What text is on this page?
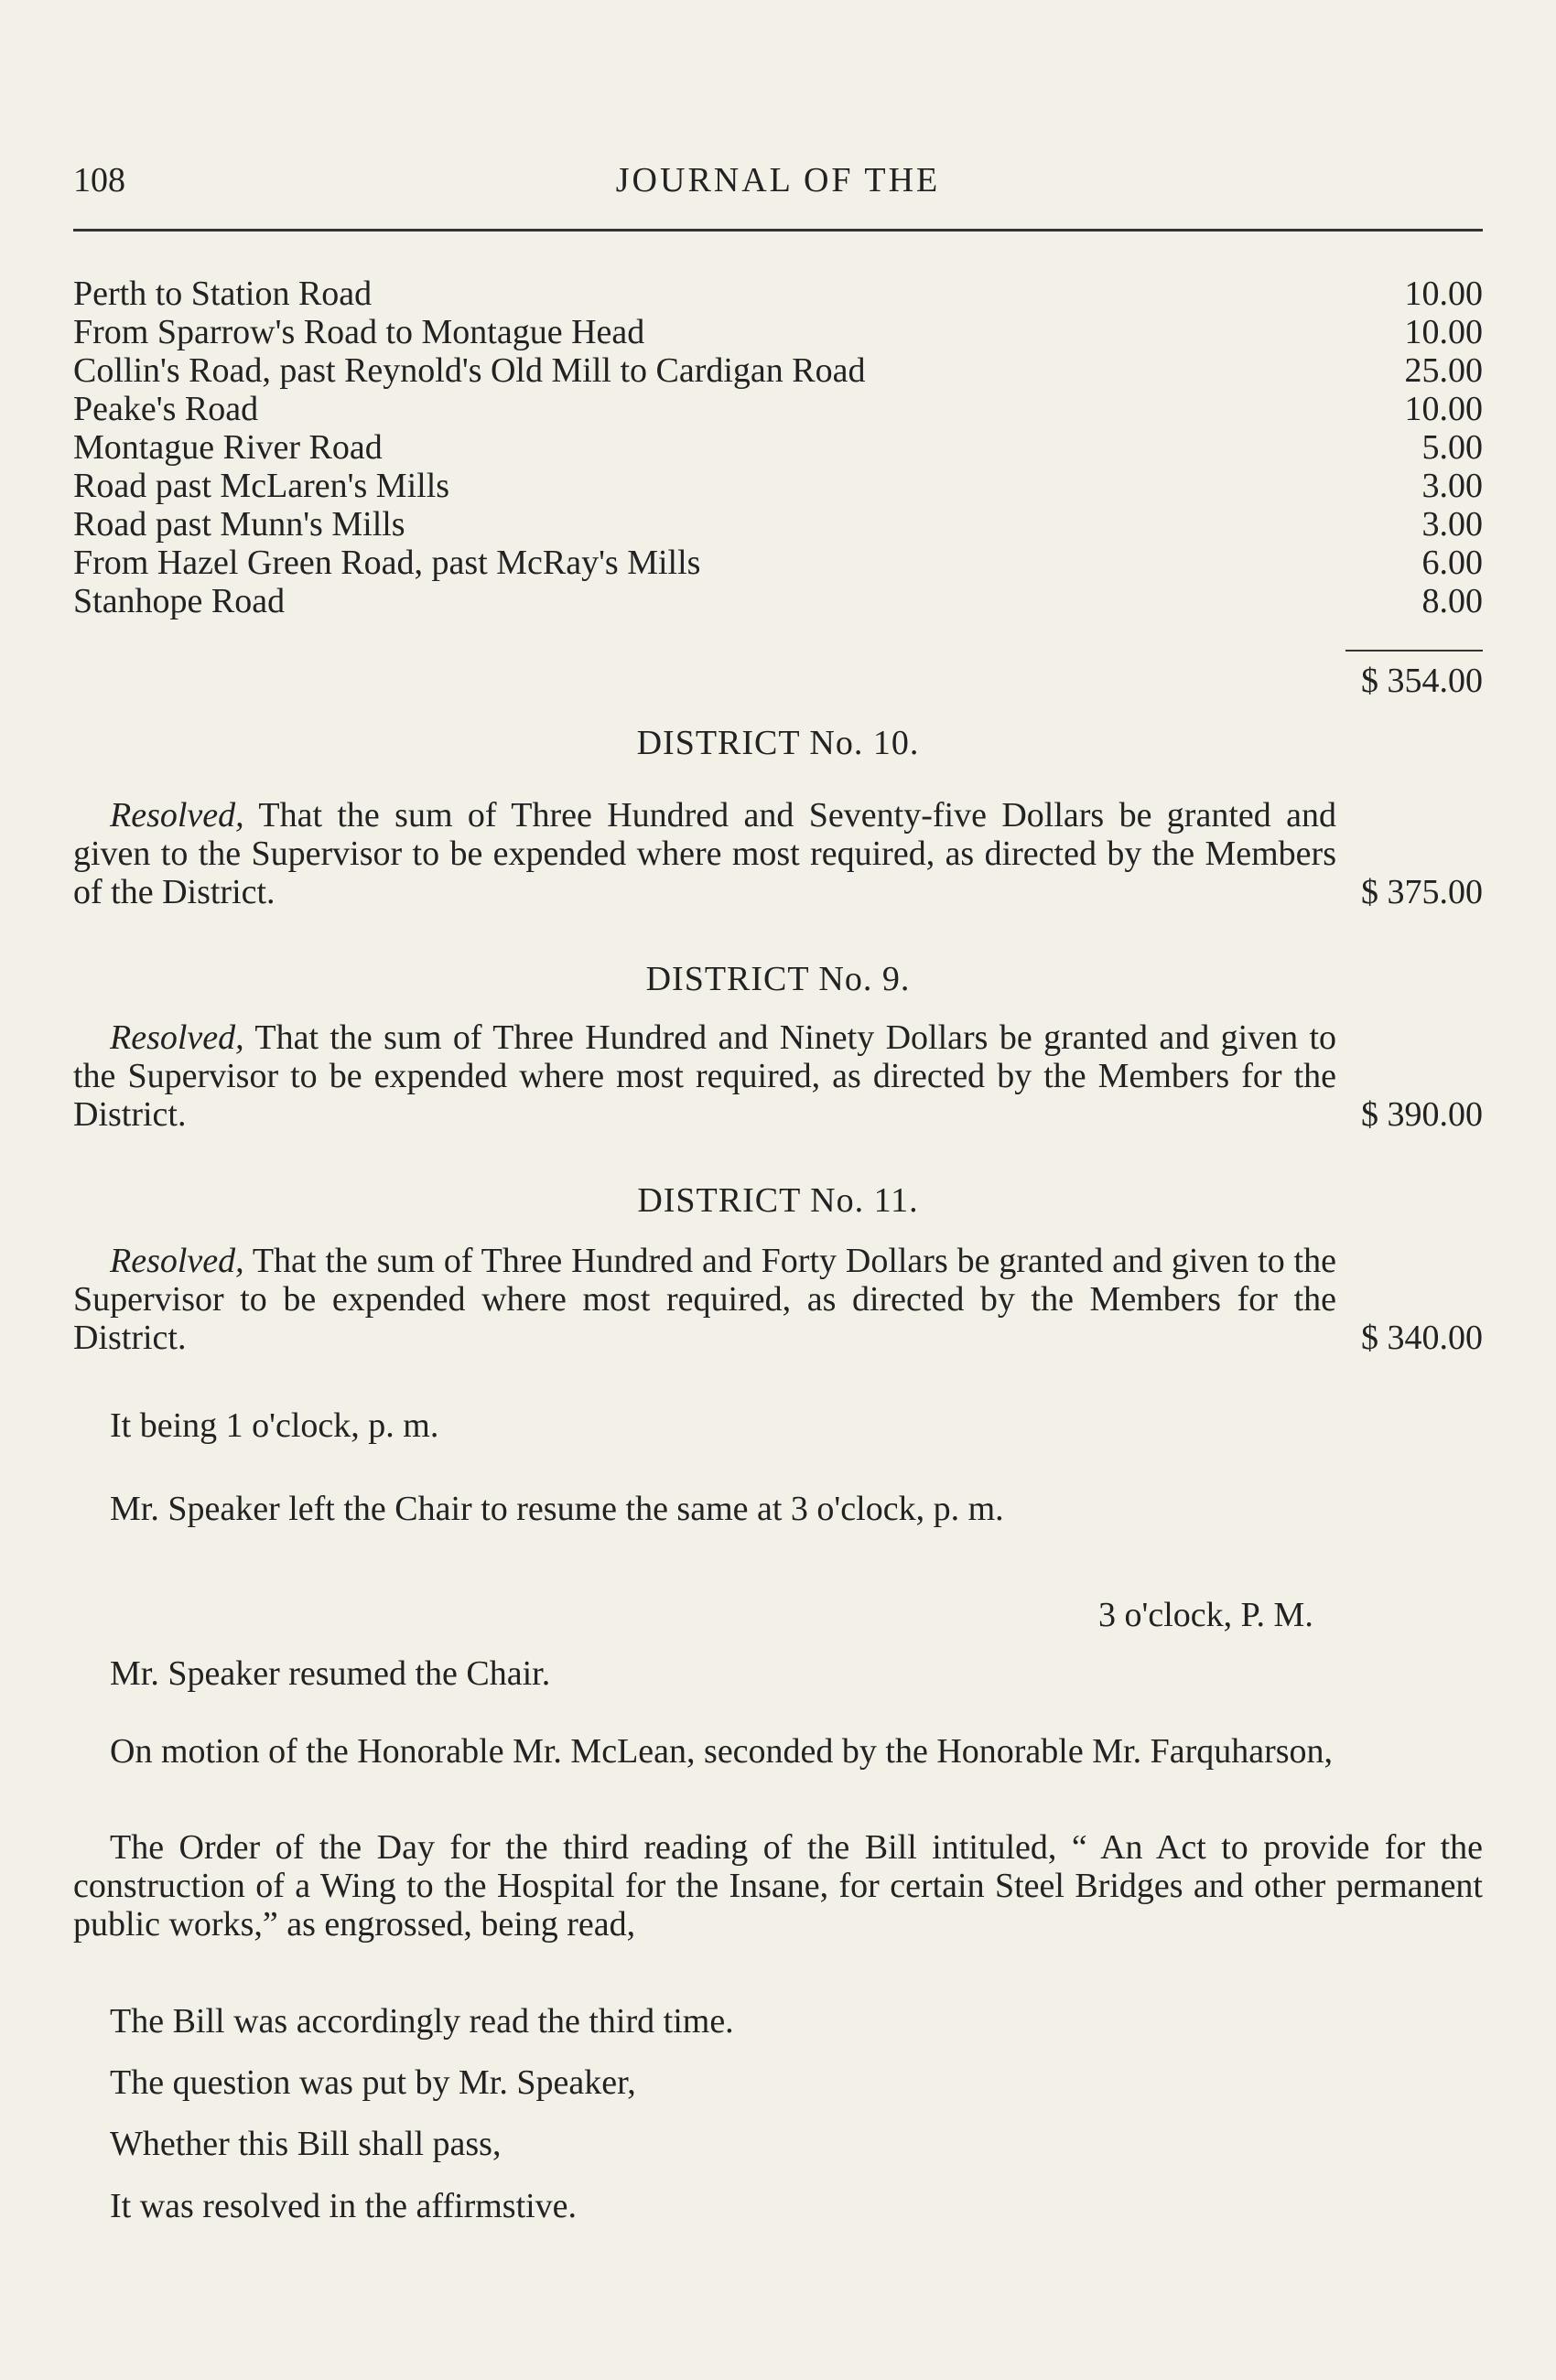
108	JOURNAL OF THE
Perth to Station Road	10.00
From Sparrow's Road to Montague Head	10.00
Collin's Road, past Reynold's Old Mill to Cardigan Road	25.00
Peake's Road	10.00
Montague River Road	5.00
Road past McLaren's Mills	3.00
Road past Munn's Mills	3.00
From Hazel Green Road, past McRay's Mills	6.00
Stanhope Road	8.00
$ 354.00
DISTRICT No. 10.
Resolved, That the sum of Three Hundred and Seventy-five Dollars be granted and given to the Supervisor to be expended where most required, as directed by the Members of the District.	$ 375.00
DISTRICT No. 9.
Resolved, That the sum of Three Hundred and Ninety Dollars be granted and given to the Supervisor to be expended where most required, as directed by the Members for the District.	$ 390.00
DISTRICT No. 11.
Resolved, That the sum of Three Hundred and Forty Dollars be granted and given to the Supervisor to be expended where most required, as directed by the Members for the District.	$ 340.00
It being 1 o'clock, p. m.
Mr. Speaker left the Chair to resume the same at 3 o'clock, p. m.
3 o'clock, P. M.
Mr. Speaker resumed the Chair.
On motion of the Honorable Mr. McLean, seconded by the Honorable Mr. Farquharson,
The Order of the Day for the third reading of the Bill intituled, “ An Act to provide for the construction of a Wing to the Hospital for the Insane, for certain Steel Bridges and other permanent public works,” as engrossed, being read,
The Bill was accordingly read the third time.
The question was put by Mr. Speaker,
Whether this Bill shall pass,
It was resolved in the affirmstive.
